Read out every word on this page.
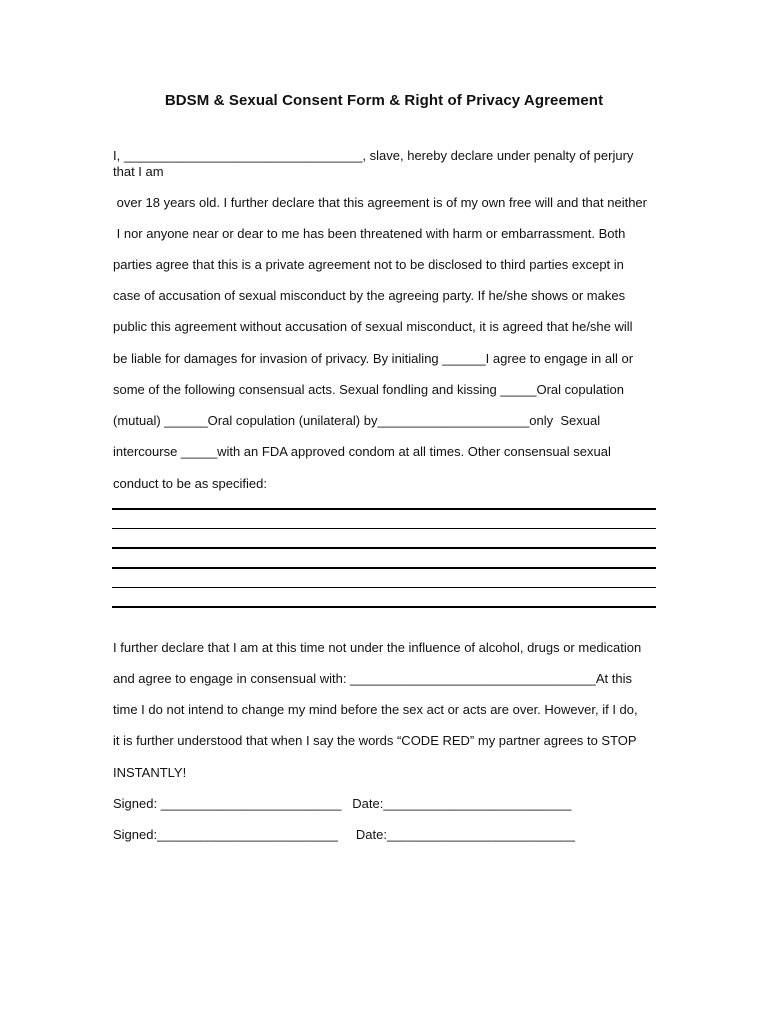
BDSM & Sexual Consent Form & Right of Privacy Agreement
I, _________________________________, slave, hereby declare under penalty of perjury
that I am
over 18 years old. I further declare that this agreement is of my own free will and that neither
I nor anyone near or dear to me has been threatened with harm or embarrassment. Both
parties agree that this is a private agreement not to be disclosed to third parties except in
case of accusation of sexual misconduct by the agreeing party. If he/she shows or makes
public this agreement without accusation of sexual misconduct, it is agreed that he/she will
be liable for damages for invasion of privacy. By initialing ______I agree to engage in all or
some of the following consensual acts. Sexual fondling and kissing _____Oral copulation
(mutual) ______Oral copulation (unilateral) by_____________________only  Sexual
intercourse _____with an FDA approved condom at all times. Other consensual sexual
conduct to be as specified:
I further declare that I am at this time not under the influence of alcohol, drugs or medication
and agree to engage in consensual with: __________________________________At this
time I do not intend to change my mind before the sex act or acts are over. However, if I do,
it is further understood that when I say the words “CODE RED” my partner agrees to STOP
INSTANTLY!
Signed: _________________________   Date:__________________________
Signed:_________________________     Date:__________________________
